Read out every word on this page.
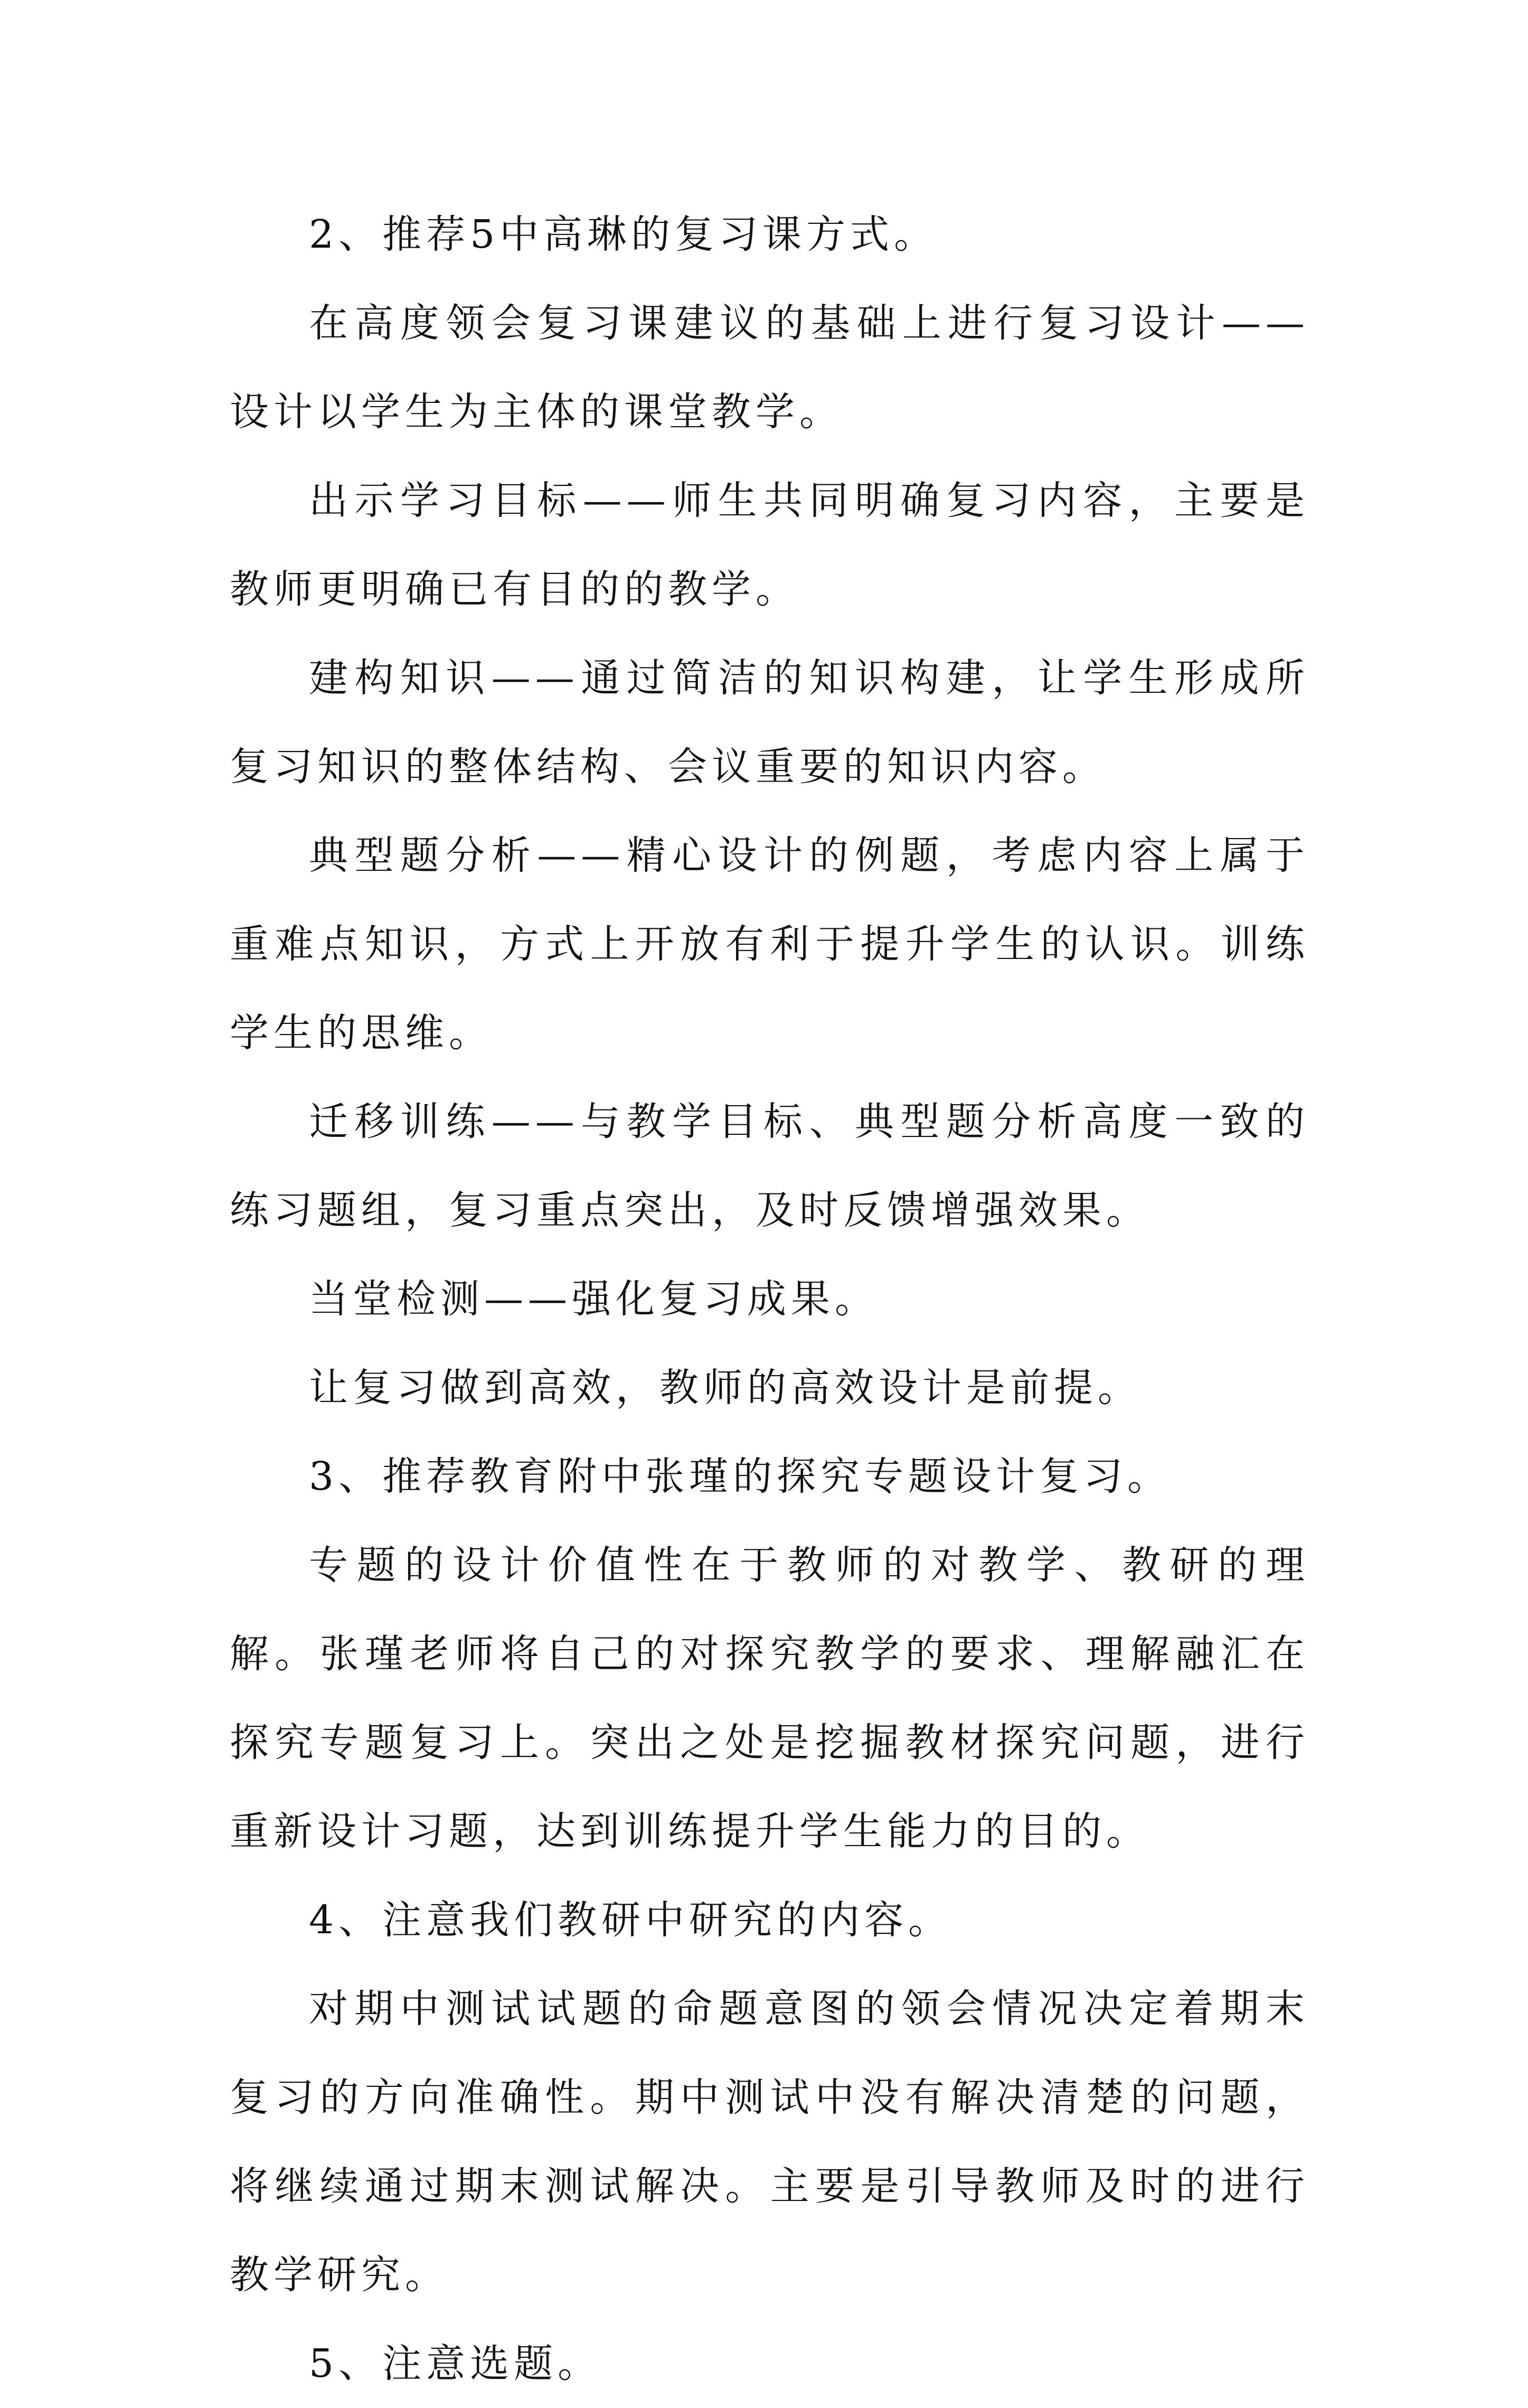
2、推荐5中高琳的复习课方式。

在高度领会复习课建议的基础上进行复习设计——设计以学生为主体的课堂教学。

出示学习目标——师生共同明确复习内容，主要是教师更明确已有目的的教学。

建构知识——通过简洁的知识构建，让学生形成所复习知识的整体结构、会议重要的知识内容。

典型题分析——精心设计的例题，考虑内容上属于重难点知识，方式上开放有利于提升学生的认识。训练学生的思维。

迁移训练——与教学目标、典型题分析高度一致的练习题组，复习重点突出，及时反馈增强效果。

当堂检测——强化复习成果。

让复习做到高效，教师的高效设计是前提。

3、推荐教育附中张瑾的探究专题设计复习。

专题的设计价值性在于教师的对教学、教研的理解。张瑾老师将自己的对探究教学的要求、理解融汇在探究专题复习上。突出之处是挖掘教材探究问题，进行重新设计习题，达到训练提升学生能力的目的。

4、注意我们教研中研究的内容。

对期中测试试题的命题意图的领会情况决定着期末复习的方向准确性。期中测试中没有解决清楚的问题，将继续通过期末测试解决。主要是引导教师及时的进行教学研究。

5、注意选题。
